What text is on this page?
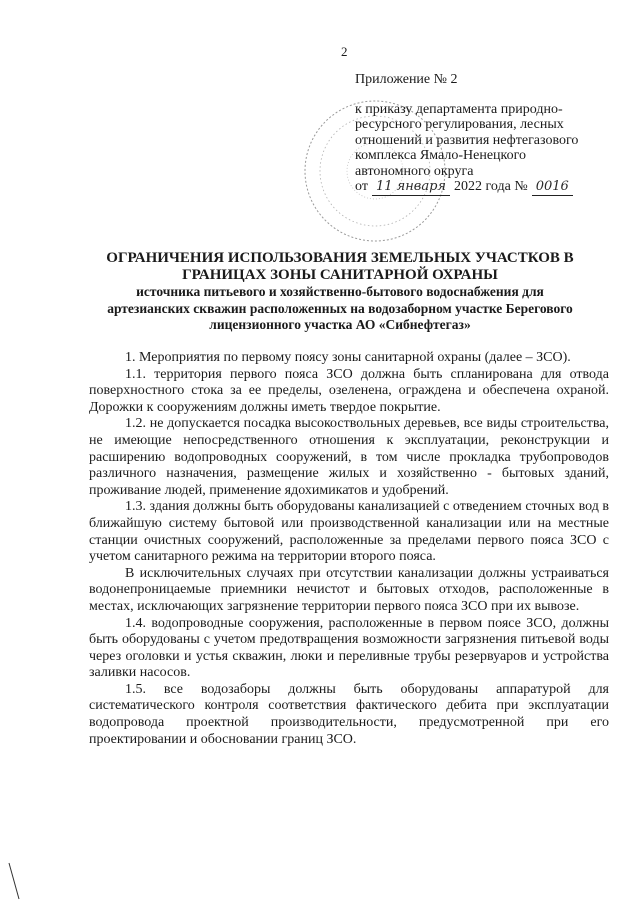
2
Приложение № 2
к приказу департамента природно-
ресурсного регулирования, лесных
отношений и развития нефтегазового
комплекса Ямало-Ненецкого
автономного округа
от 11 января 2022 года № 0016
ОГРАНИЧЕНИЯ ИСПОЛЬЗОВАНИЯ ЗЕМЕЛЬНЫХ УЧАСТКОВ В ГРАНИЦАХ ЗОНЫ САНИТАРНОЙ ОХРАНЫ
источника питьевого и хозяйственно-бытового водоснабжения для артезианских скважин расположенных на водозаборном участке Берегового лицензионного участка АО «Сибнефтегаз»

1. Мероприятия по первому поясу зоны санитарной охраны (далее – ЗСО).

1.1. территория первого пояса ЗСО должна быть спланирована для отвода поверхностного стока за ее пределы, озеленена, ограждена и обеспечена охраной. Дорожки к сооружениям должны иметь твердое покрытие.

1.2. не допускается посадка высокоствольных деревьев, все виды строительства, не имеющие непосредственного отношения к эксплуатации, реконструкции и расширению водопроводных сооружений, в том числе прокладка трубопроводов различного назначения, размещение жилых и хозяйственно - бытовых зданий, проживание людей, применение ядохимикатов и удобрений.

1.3. здания должны быть оборудованы канализацией с отведением сточных вод в ближайшую систему бытовой или производственной канализации или на местные станции очистных сооружений, расположенные за пределами первого пояса ЗСО с учетом санитарного режима на территории второго пояса.

В исключительных случаях при отсутствии канализации должны устраиваться водонепроницаемые приемники нечистот и бытовых отходов, расположенные в местах, исключающих загрязнение территории первого пояса ЗСО при их вывозе.

1.4. водопроводные сооружения, расположенные в первом поясе ЗСО, должны быть оборудованы с учетом предотвращения возможности загрязнения питьевой воды через оголовки и устья скважин, люки и переливные трубы резервуаров и устройства заливки насосов.

1.5. все водозаборы должны быть оборудованы аппаратурой для систематического контроля соответствия фактического дебита при эксплуатации водопровода проектной производительности, предусмотренной при его проектировании и обосновании границ ЗСО.
